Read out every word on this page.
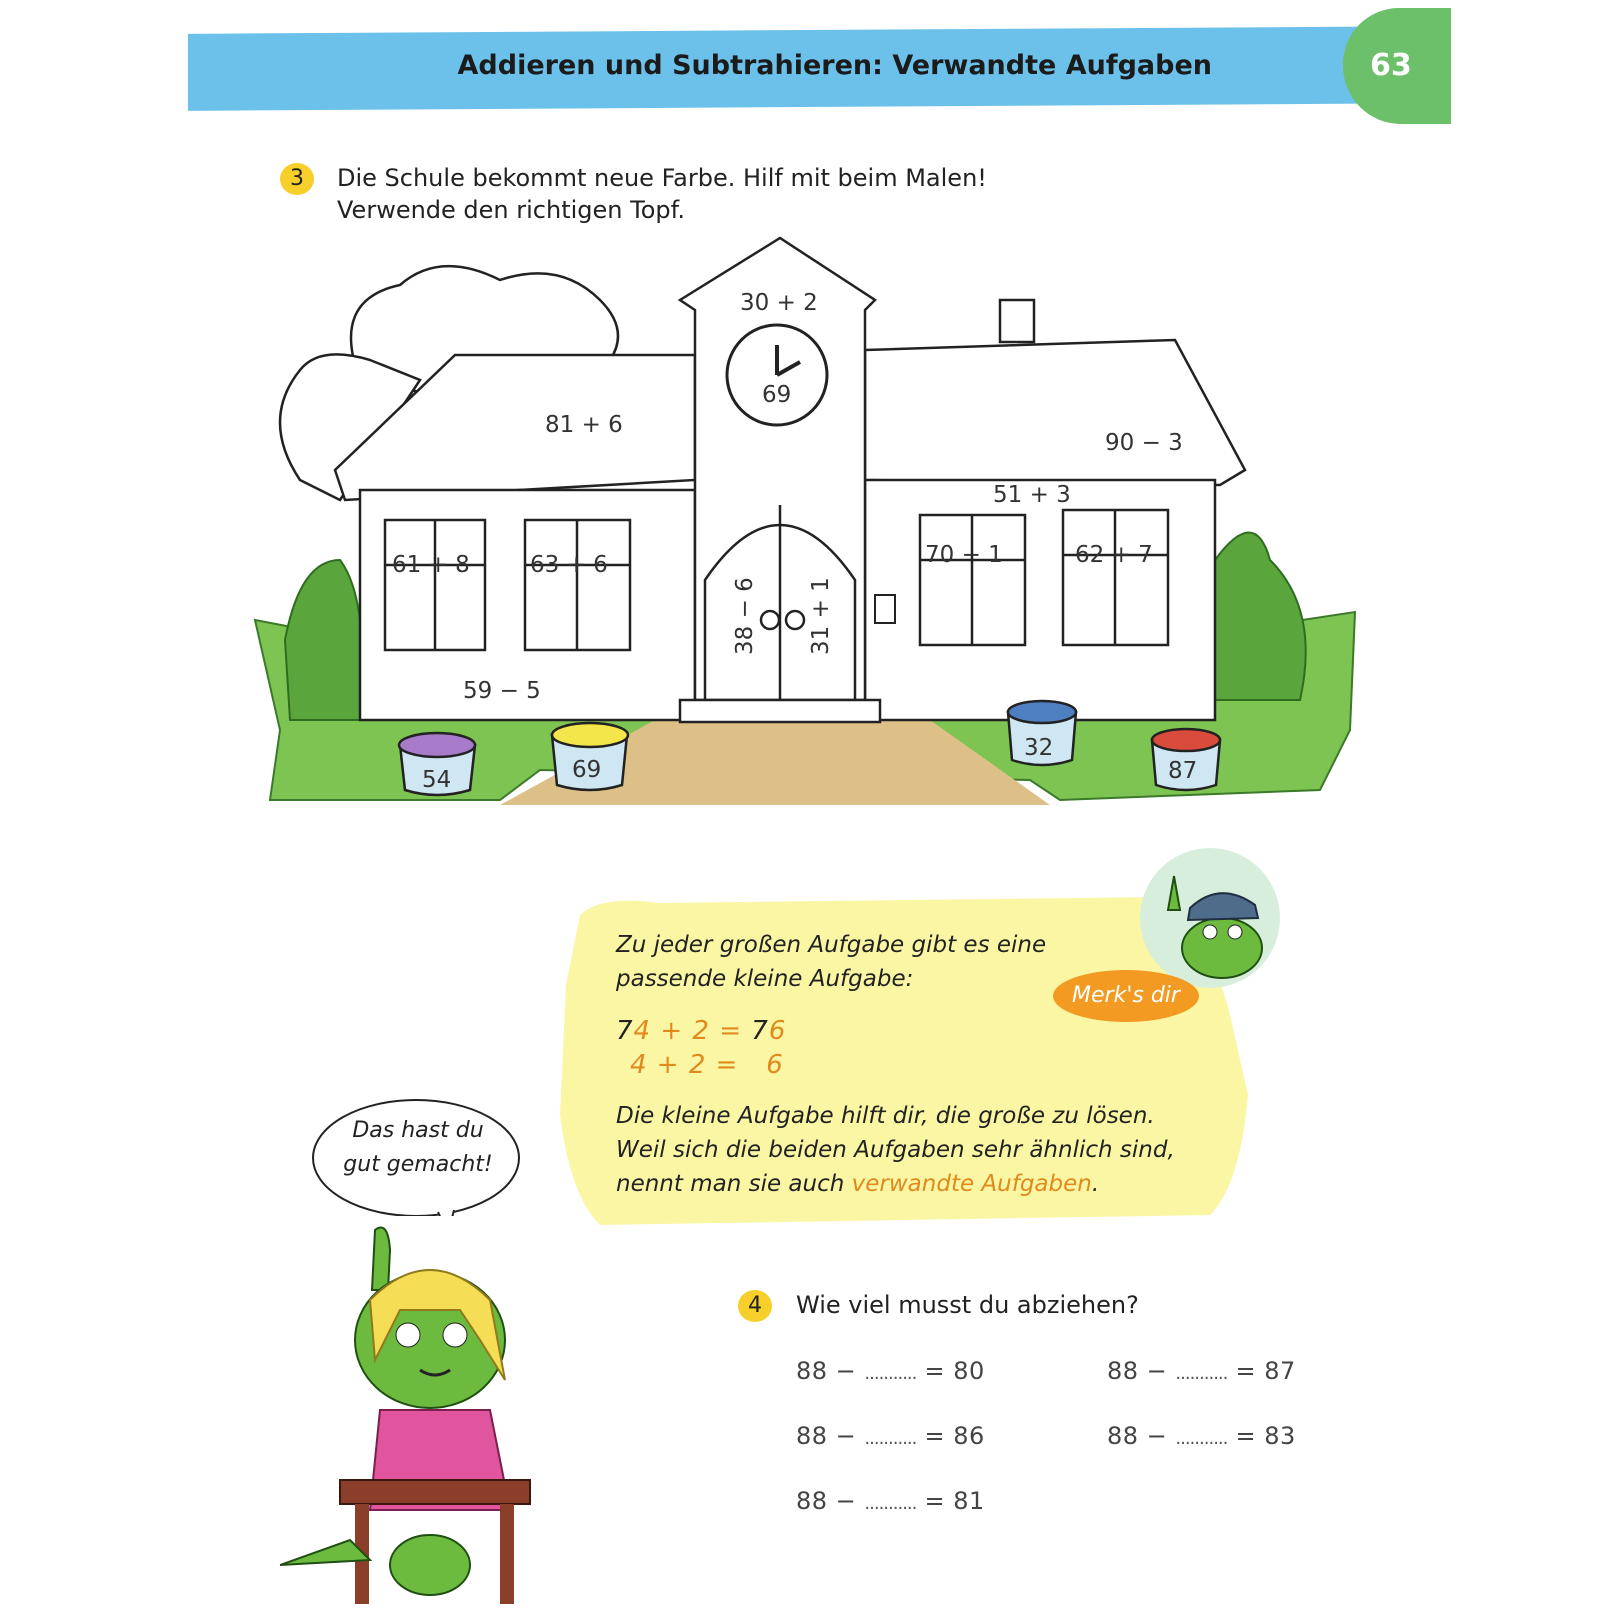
Addieren und Subtrahieren: Verwandte Aufgaben	63
3	Die Schule bekommt neue Farbe. Hilf mit beim Malen!
Verwende den richtigen Topf.
30 + 2
69
81 + 6
90 − 3
51 + 3
61 + 8	63 + 6	70 − 1	62 + 7
38 − 6 31 + 1
59 − 5
54	69
32
87
Merk's dir
Zu jeder großen Aufgabe gibt es eine
passende kleine Aufgabe:
74 + 2 = 76
4 + 2 =   6
Die kleine Aufgabe hilft dir, die große zu lösen.
Weil sich die beiden Aufgaben sehr ähnlich sind,
nennt man sie auch verwandte Aufgaben.
Das hast du
gut gemacht!
4	Wie viel musst du abziehen?
88 − ........... = 80	88 − ........... = 87
88 − ........... = 86	88 − ........... = 83
88 − ........... = 81
